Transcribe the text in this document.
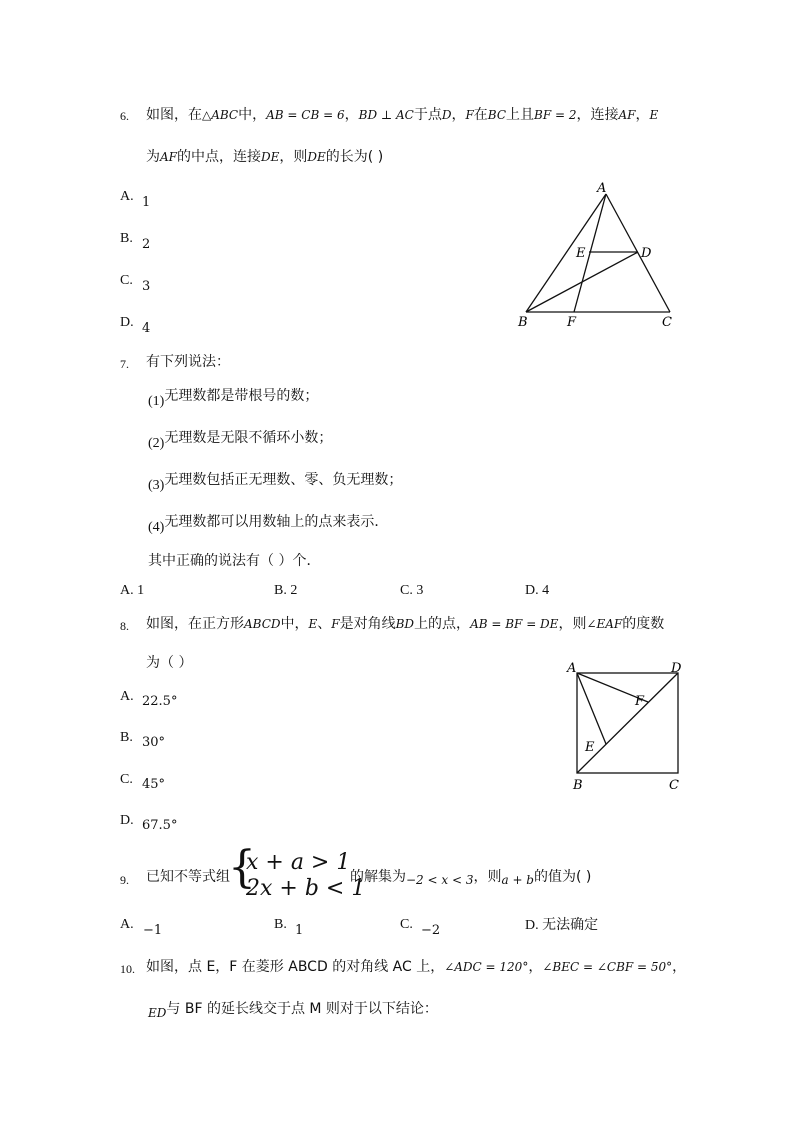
6. 如图，在△ABC中，AB = CB = 6，BD ⊥ AC于点D，F在BC上且BF = 2，连接AF，E
为AF的中点，连接DE，则DE的长为( )
A. 1
B. 2
C. 3
D. 4
A
B	C
D
E
F
7. 有下列说法：
(1)无理数都是带根号的数；
(2)无理数是无限不循环小数；
(3)无理数包括正无理数、零、负无理数；
(4)无理数都可以用数轴上的点来表示．
其中正确的说法有（ ）个．
A. 1	B. 2	C. 3	D. 4
8. 如图，在正方形ABCD中，E、F是对角线BD上的点，AB = BF = DE，则∠EAF的度数
为（ ）
A. 22.5°
B. 30°
C. 45°
D. 67.5°
A	D
B	C
E
F
9. 已知不等式组
{
x + a > 1
2x + b < 1
的解集为−2 < x < 3，则a + b的值为( )
A. −1	B. 1	C. −2	D. 无法确定
10. 如图，点 E，F 在菱形 ABCD 的对角线 AC 上，∠ADC = 120°，∠BEC = ∠CBF = 50°，
ED与 BF 的延长线交于点 M 则对于以下结论：
